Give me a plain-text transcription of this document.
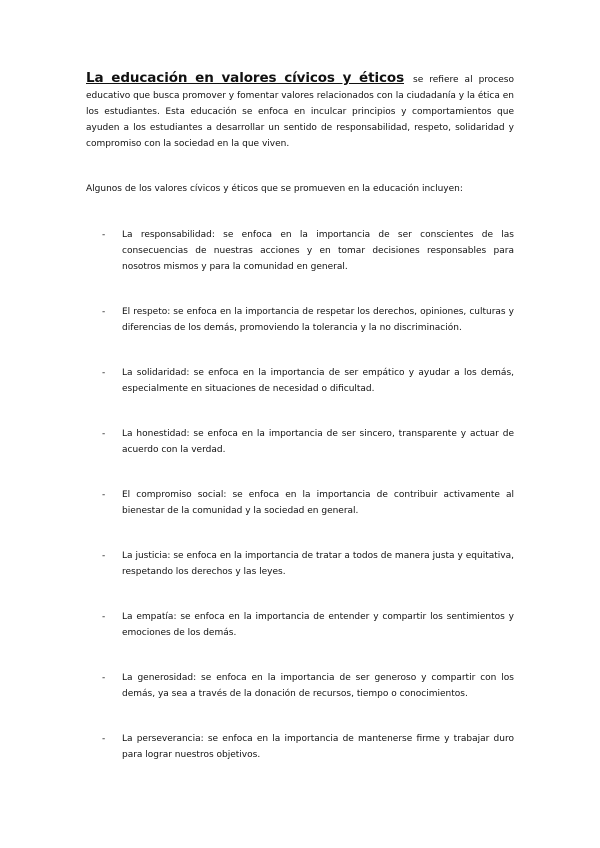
La educación en valores cívicos y éticos se refiere al proceso educativo que busca promover y fomentar valores relacionados con la ciudadanía y la ética en los estudiantes. Esta educación se enfoca en inculcar principios y comportamientos que ayuden a los estudiantes a desarrollar un sentido de responsabilidad, respeto, solidaridad y compromiso con la sociedad en la que viven.

Algunos de los valores cívicos y éticos que se promueven en la educación incluyen:

- La responsabilidad: se enfoca en la importancia de ser conscientes de las consecuencias de nuestras acciones y en tomar decisiones responsables para nosotros mismos y para la comunidad en general.
- El respeto: se enfoca en la importancia de respetar los derechos, opiniones, culturas y diferencias de los demás, promoviendo la tolerancia y la no discriminación.
- La solidaridad: se enfoca en la importancia de ser empático y ayudar a los demás, especialmente en situaciones de necesidad o dificultad.
- La honestidad: se enfoca en la importancia de ser sincero, transparente y actuar de acuerdo con la verdad.
- El compromiso social: se enfoca en la importancia de contribuir activamente al bienestar de la comunidad y la sociedad en general.
- La justicia: se enfoca en la importancia de tratar a todos de manera justa y equitativa, respetando los derechos y las leyes.
- La empatía: se enfoca en la importancia de entender y compartir los sentimientos y emociones de los demás.
- La generosidad: se enfoca en la importancia de ser generoso y compartir con los demás, ya sea a través de la donación de recursos, tiempo o conocimientos.
- La perseverancia: se enfoca en la importancia de mantenerse firme y trabajar duro para lograr nuestros objetivos.
